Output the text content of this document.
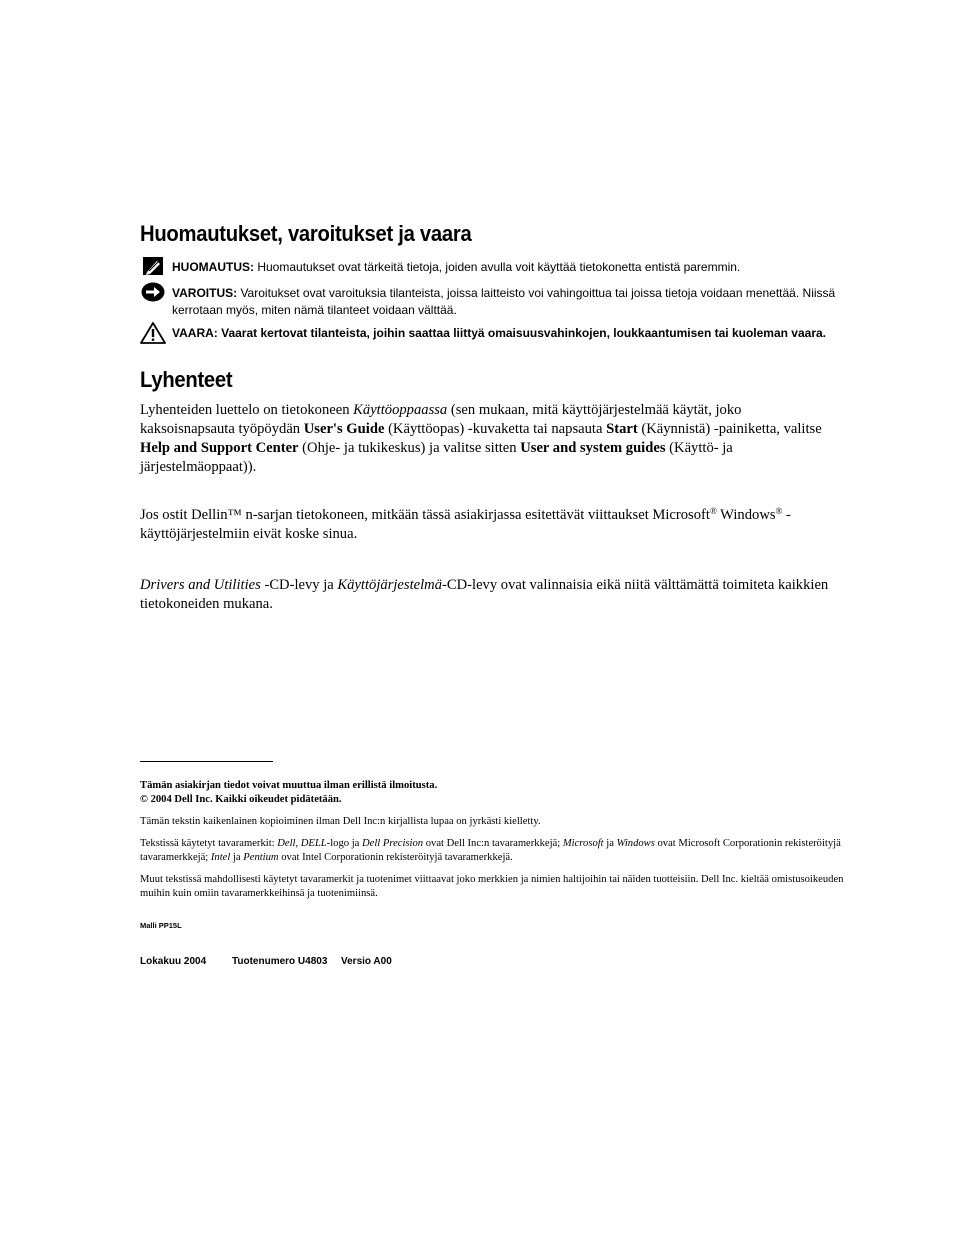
Huomautukset, varoitukset ja vaara
HUOMAUTUS: Huomautukset ovat tärkeitä tietoja, joiden avulla voit käyttää tietokonetta entistä paremmin.
VAROITUS: Varoitukset ovat varoituksia tilanteista, joissa laitteisto voi vahingoittua tai joissa tietoja voidaan menettää. Niissä kerrotaan myös, miten nämä tilanteet voidaan välttää.
VAARA: Vaarat kertovat tilanteista, joihin saattaa liittyä omaisuusvahinkojen, loukkaantumisen tai kuoleman vaara.
Lyhenteet

Lyhenteiden luettelo on tietokoneen Käyttöoppaassa (sen mukaan, mitä käyttöjärjestelmää käytät, joko kaksoisnapsauta työpöydän User's Guide (Käyttöopas) -kuvaketta tai napsauta Start (Käynnistä) -painiketta, valitse Help and Support Center (Ohje- ja tukikeskus) ja valitse sitten User and system guides (Käyttö- ja järjestelmäoppaat)).

Jos ostit Dellin™ n-sarjan tietokoneen, mitkään tässä asiakirjassa esitettävät viittaukset Microsoft® Windows® -käyttöjärjestelmiin eivät koske sinua.

Drivers and Utilities -CD-levy ja Käyttöjärjestelmä-CD-levy ovat valinnaisia eikä niitä välttämättä toimiteta kaikkien tietokoneiden mukana.

Tämän asiakirjan tiedot voivat muuttua ilman erillistä ilmoitusta.
© 2004 Dell Inc. Kaikki oikeudet pidätetään.
Tämän tekstin kaikenlainen kopioiminen ilman Dell Inc:n kirjallista lupaa on jyrkästi kielletty.
Tekstissä käytetyt tavaramerkit: Dell, DELL-logo ja Dell Precision ovat Dell Inc:n tavaramerkkejä; Microsoft ja Windows ovat Microsoft Corporationin rekisteröityjä tavaramerkkejä; Intel ja Pentium ovat Intel Corporationin rekisteröityjä tavaramerkkejä.
Muut tekstissä mahdollisesti käytetyt tavaramerkit ja tuotenimet viittaavat joko merkkien ja nimien haltijoihin tai näiden tuotteisiin. Dell Inc. kieltää omistusoikeuden muihin kuin omiin tavaramerkkeihinsä ja tuotenimiinsä.
Malli PP15L
Lokakuu 2004	Tuotenumero U4803 Versio A00
